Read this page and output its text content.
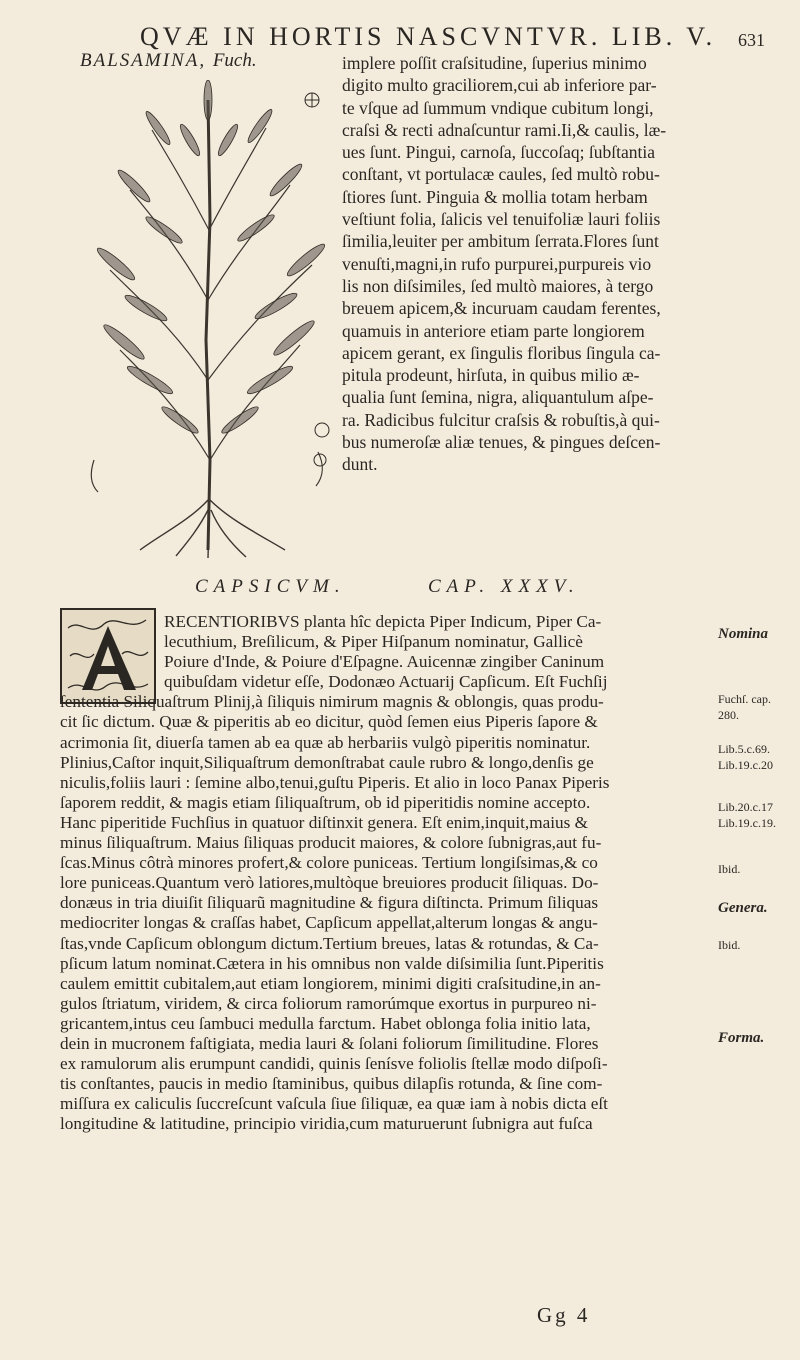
QVÆ IN HORTIS NASCVNTVR. LIB. V. 631
BALSAMINA, Fuch.	implere poſſit craſsitudine, ſuperius minimo
digito multo graciliorem,cui ab inferiore par-
te vſque ad ſummum vndique cubitum longi,
craſsi & recti adnaſcuntur rami.Ii,& caulis, læ-
ues ſunt. Pingui, carnoſa, ſuccoſaq; ſubſtantia
conſtant, vt portulacæ caules, ſed multò robu-
ſtiores ſunt. Pinguia & mollia totam herbam
veſtiunt folia, ſalicis vel tenuifoliæ lauri foliis
ſimilia,leuiter per ambitum ſerrata.Flores ſunt
venuſti,magni,in rufo purpurei,purpureis vio
lis non diſsimiles, ſed multò maiores, à tergo
breuem apicem,& incuruam caudam ferentes,
quamuis in anteriore etiam parte longiorem
apicem gerant, ex ſingulis floribus ſingula ca-
pitula prodeunt, hirſuta, in quibus milio æ-
qualia ſunt ſemina, nigra, aliquantulum aſpe-
ra. Radicibus fulcitur craſsis & robuſtis,à qui-
bus numeroſæ aliæ tenues, & pingues deſcen-
dunt.
CAPSICVM.	CAP. XXXV.
RECENTIORIBVS planta hîc depicta Piper Indicum, Piper Ca-
lecuthium, Breſilicum, & Piper Hiſpanum nominatur, Gallicè
Poiure d'Inde, & Poiure d'Eſpagne. Auicennæ zingiber Caninum
quibuſdam videtur eſſe, Dodonæo Actuarij Capſicum. Eſt Fuchſij
ſententia Siliquaſtrum Plinij,à ſiliquis nimirum magnis & oblongis, quas produ-
cit ſic dictum. Quæ & piperitis ab eo dicitur, quòd ſemen eius Piperis ſapore &
acrimonia ſit, diuerſa tamen ab ea quæ ab herbariis vulgò piperitis nominatur.
Plinius,Caſtor inquit,Siliquaſtrum demonſtrabat caule rubro & longo,denſis ge
niculis,foliis lauri : ſemine albo,tenui,guſtu Piperis. Et alio in loco Panax Piperis
ſaporem reddit, & magis etiam ſiliquaſtrum, ob id piperitidis nomine accepto.
Hanc piperitide Fuchſius in quatuor diſtinxit genera. Eſt enim,inquit,maius &
minus ſiliquaſtrum. Maius ſiliquas producit maiores, & colore ſubnigras,aut fu-
ſcas.Minus côtrà minores profert,& colore puniceas. Tertium longiſsimas,& co
lore puniceas.Quantum verò latiores,multòque breuiores producit ſiliquas. Do-
donæus in tria diuiſit ſiliquarũ magnitudine & figura diſtincta. Primum ſiliquas
mediocriter longas & craſſas habet, Capſicum appellat,alterum longas & angu-
ſtas,vnde Capſicum oblongum dictum.Tertium breues, latas & rotundas, & Ca-
pſicum latum nominat.Cætera in his omnibus non valde diſsimilia ſunt.Piperitis
caulem emittit cubitalem,aut etiam longiorem, minimi digiti craſsitudine,in an-
gulos ſtriatum, viridem, & circa foliorum ramorúmque exortus in purpureo ni-
gricantem,intus ceu ſambuci medulla farctum. Habet oblonga folia initio lata,
dein in mucronem faſtigiata, media lauri & ſolani foliorum ſimilitudine. Flores
ex ramulorum alis erumpunt candidi, quinis ſenísve foliolis ſtellæ modo diſpoſi-
tis conſtantes, paucis in medio ſtaminibus, quibus dilapſis rotunda, & ſine com-
miſſura ex caliculis ſuccreſcunt vaſcula ſiue ſiliquæ, ea quæ iam à nobis dicta eſt
longitudine & latitudine, principio viridia,cum maturuerunt ſubnigra aut fuſca
Nomina
Fuchſ. cap.
280.
Lib.5.c.69.
Lib.19.c.20
Lib.20.c.17
Lib.19.c.19.
Ibid.
Genera.
Ibid.
Forma.
Gg 4
